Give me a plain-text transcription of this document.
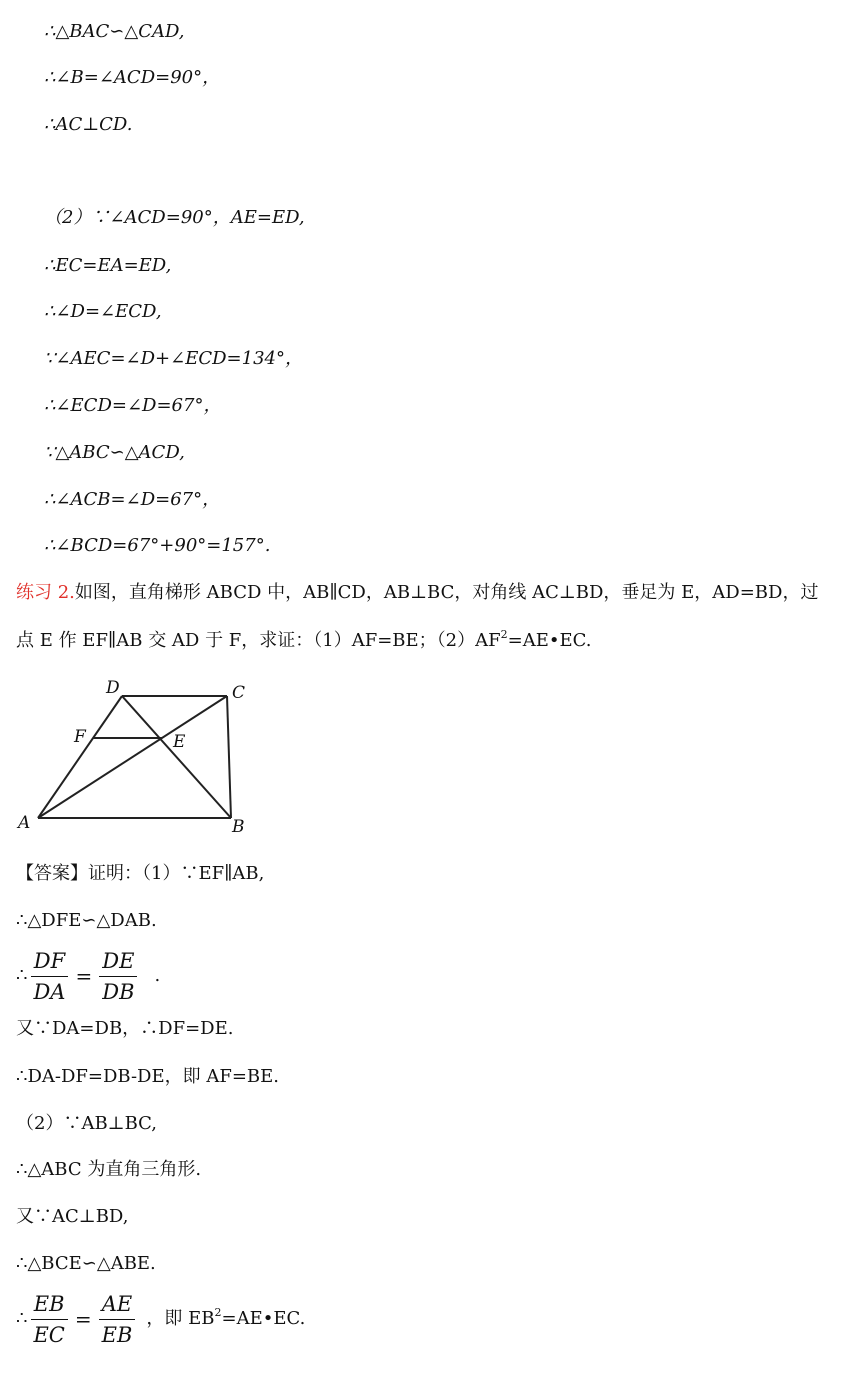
∴△BAC∽△CAD,
∴∠B=∠ACD=90°，
∴AC⊥CD.
（2）∵∠ACD=90°，AE=ED,
∴EC=EA=ED,
∴∠D=∠ECD,
∵∠AEC=∠D+∠ECD=134°，
∴∠ECD=∠D=67°，
∵△ABC∽△ACD,
∴∠ACB=∠D=67°，
∴∠BCD=67°+90°=157°.
练习 2.如图，直角梯形 ABCD 中，AB∥CD，AB⊥BC，对角线 AC⊥BD，垂足为 E，AD=BD，过
点 E 作 EF∥AB 交 AD 于 F，求证：（1）AF=BE；$(2)AF^2=AE•EC$.
D	C
F	E
A	B
【答案】证明：（1）∵EF∥AB,
∴△DFE∽△DAB.
∴ $\frac{DF}{DA} = \frac{DE}{DB}$ .
又∵DA=DB，∴DF=DE.
∴DA-DF=DB-DE，即 AF=BE.
（2）∵AB⊥BC,
∴△ABC 为直角三角形.
又∵AC⊥BD,
∴△BCE∽△ABE.
∴ $\frac{EB}{EC} = \frac{AE}{EB}$ ，即 $EB^2=AE•EC$.
